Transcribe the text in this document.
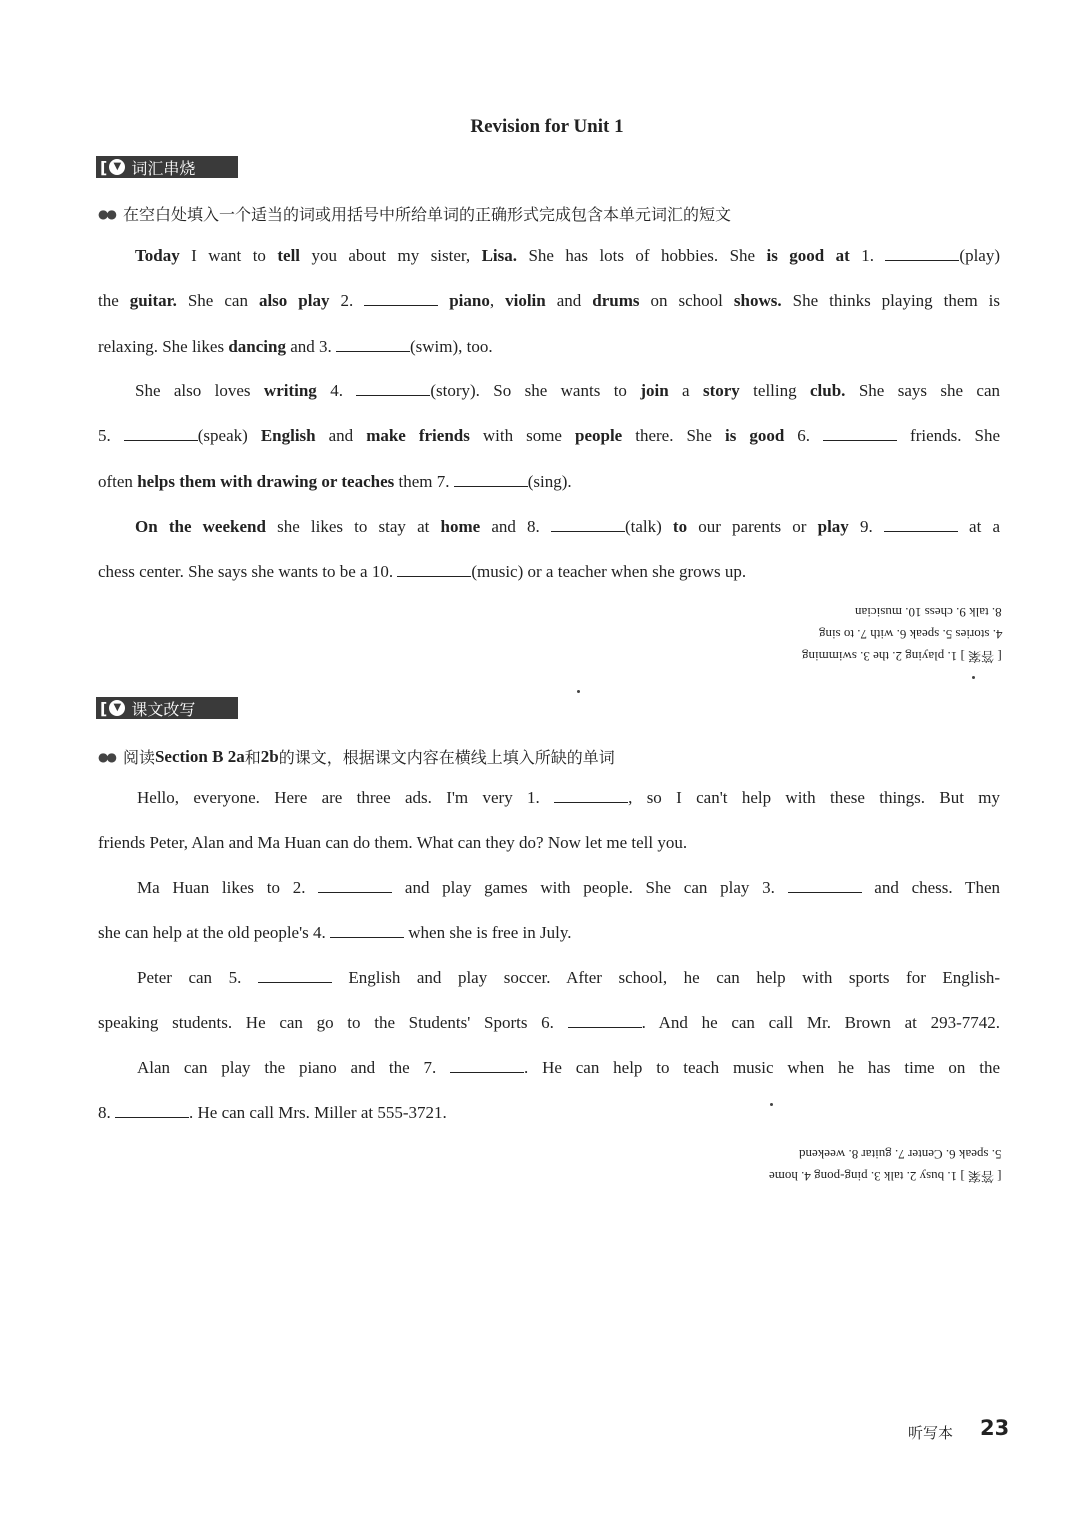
Revision for Unit 1
[ ▼ 词汇串烧
●● 在空白处填入一个适当的词或用括号中所给单词的正确形式完成包含本单元词汇的短文
Today I want to tell you about my sister, Lisa. She has lots of hobbies. She is good at 1.	(play)
the guitar. She can also play 2.	piano, violin and drums on school shows. She thinks playing them is
relaxing. She likes dancing and 3.	(swim), too.
She also loves writing 4.	(story). So she wants to join a story telling club. She says she can
5.	(speak) English and make friends with some people there. She is good 6.	friends. She
often helps them with drawing or teaches them 7.	(sing).
On the weekend she likes to stay at home and 8.	(talk) to our parents or play 9.	at a
chess center. She says she wants to be a 10.	(music) or a teacher when she grows up.
[ 答案 ] 1. playing 2. the 3. swimming
4. stories 5. speak 6. with 7. to sing
8. talk 9. chess 10. musician
[ ▼ 课文改写
●● 阅读 Section B 2a 和 2b 的课文，根据课文内容在横线上填入所缺的单词
Hello, everyone. Here are three ads. I'm very 1.	, so I can't help with these things. But my
friends Peter, Alan and Ma Huan can do them. What can they do? Now let me tell you.
Ma Huan likes to 2.	and play games with people. She can play 3.	and chess. Then
she can help at the old people's 4.	when she is free in July.
Peter can 5.	English and play soccer. After school, he can help with sports for English-
speaking students. He can go to the Students' Sports 6.	. And he can call Mr. Brown at 293-7742.
Alan can play the piano and the 7.	. He can help to teach music when he has time on the
8.	. He can call Mrs. Miller at 555-3721.
[ 答案 ] 1. busy 2. talk 3. ping-pong 4. home
5. speak 6. Center 7. guitar 8. weekend
听写本 23
